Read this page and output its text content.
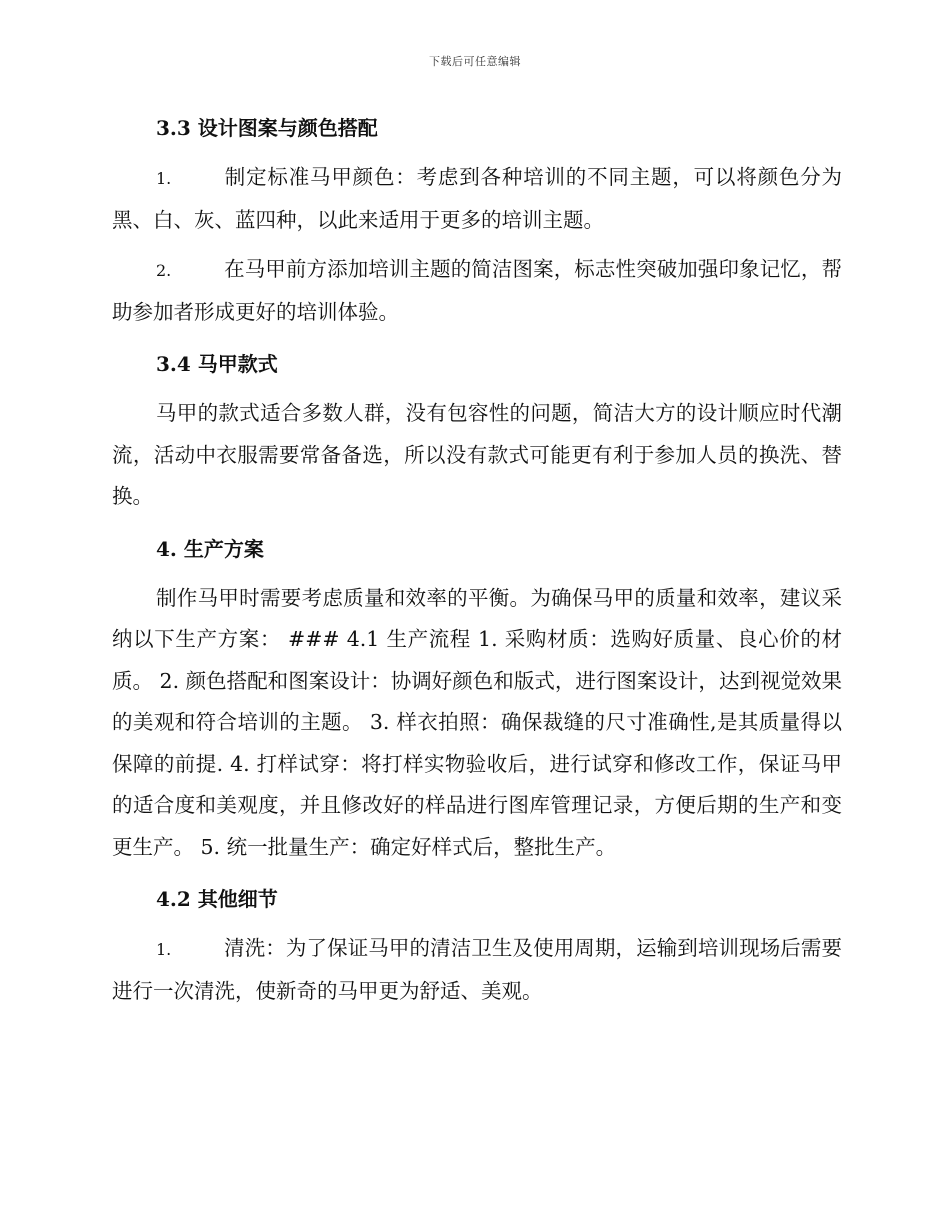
下载后可任意编辑
3.3 设计图案与颜色搭配

1.	制定标准马甲颜色：考虑到各种培训的不同主题，可以将颜色分为黑、白、灰、蓝四种，以此来适用于更多的培训主题。

2.	在马甲前方添加培训主题的简洁图案，标志性突破加强印象记忆，帮助参加者形成更好的培训体验。

3.4 马甲款式

马甲的款式适合多数人群，没有包容性的问题，简洁大方的设计顺应时代潮流，活动中衣服需要常备备选，所以没有款式可能更有利于参加人员的换洗、替换。

4. 生产方案

制作马甲时需要考虑质量和效率的平衡。为确保马甲的质量和效率，建议采纳以下生产方案： ### 4.1 生产流程 1. 采购材质：选购好质量、良心价的材质。 2. 颜色搭配和图案设计：协调好颜色和版式，进行图案设计，达到视觉效果的美观和符合培训的主题。 3. 样衣拍照：确保裁缝的尺寸准确性,是其质量得以保障的前提. 4. 打样试穿：将打样实物验收后，进行试穿和修改工作，保证马甲的适合度和美观度，并且修改好的样品进行图库管理记录，方便后期的生产和变更生产。 5. 统一批量生产：确定好样式后，整批生产。

4.2 其他细节

1.	清洗：为了保证马甲的清洁卫生及使用周期，运输到培训现场后需要进行一次清洗，使新奇的马甲更为舒适、美观。
